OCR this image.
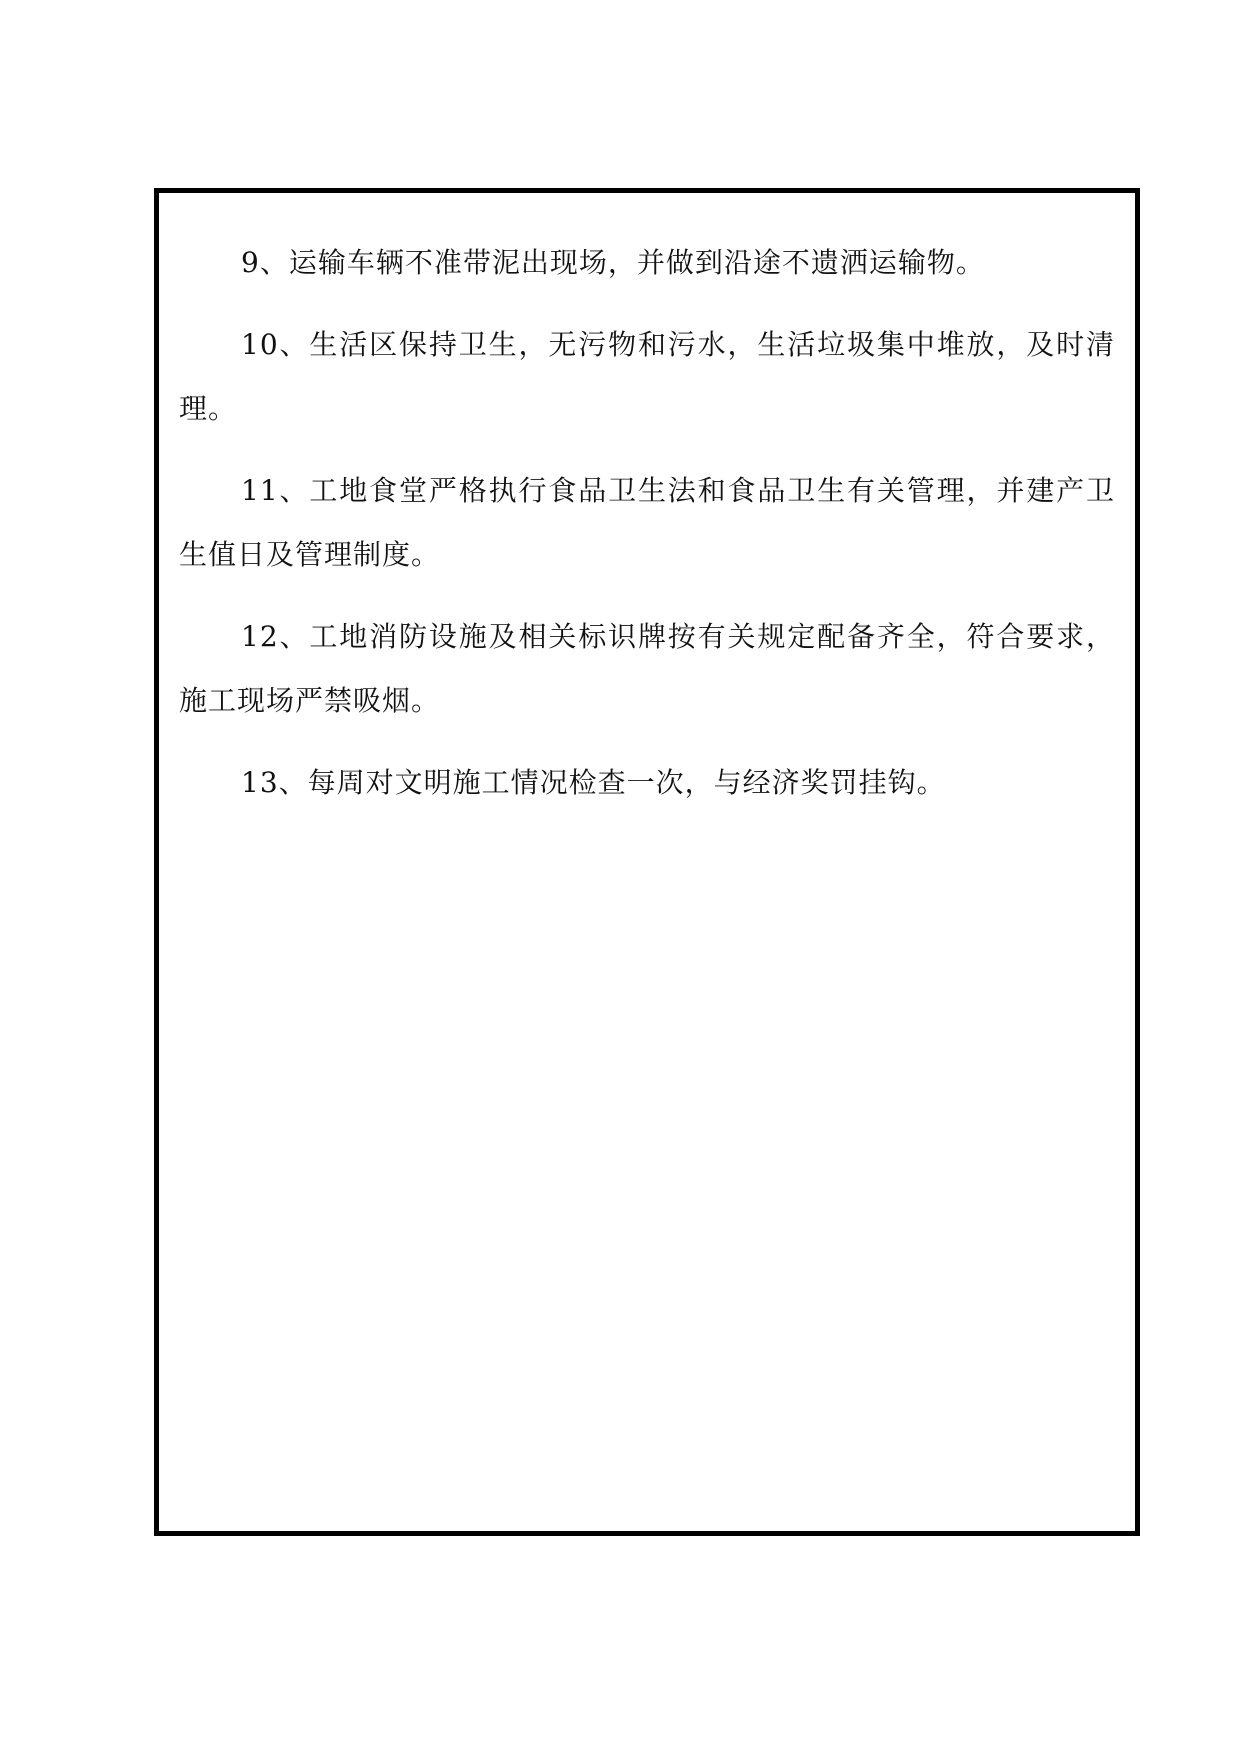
9、运输车辆不准带泥出现场，并做到沿途不遗洒运输物。

10、生活区保持卫生，无污物和污水，生活垃圾集中堆放，及时清理。

11、工地食堂严格执行食品卫生法和食品卫生有关管理，并建产卫生值日及管理制度。

12、工地消防设施及相关标识牌按有关规定配备齐全，符合要求，施工现场严禁吸烟。

13、每周对文明施工情况检查一次，与经济奖罚挂钩。
